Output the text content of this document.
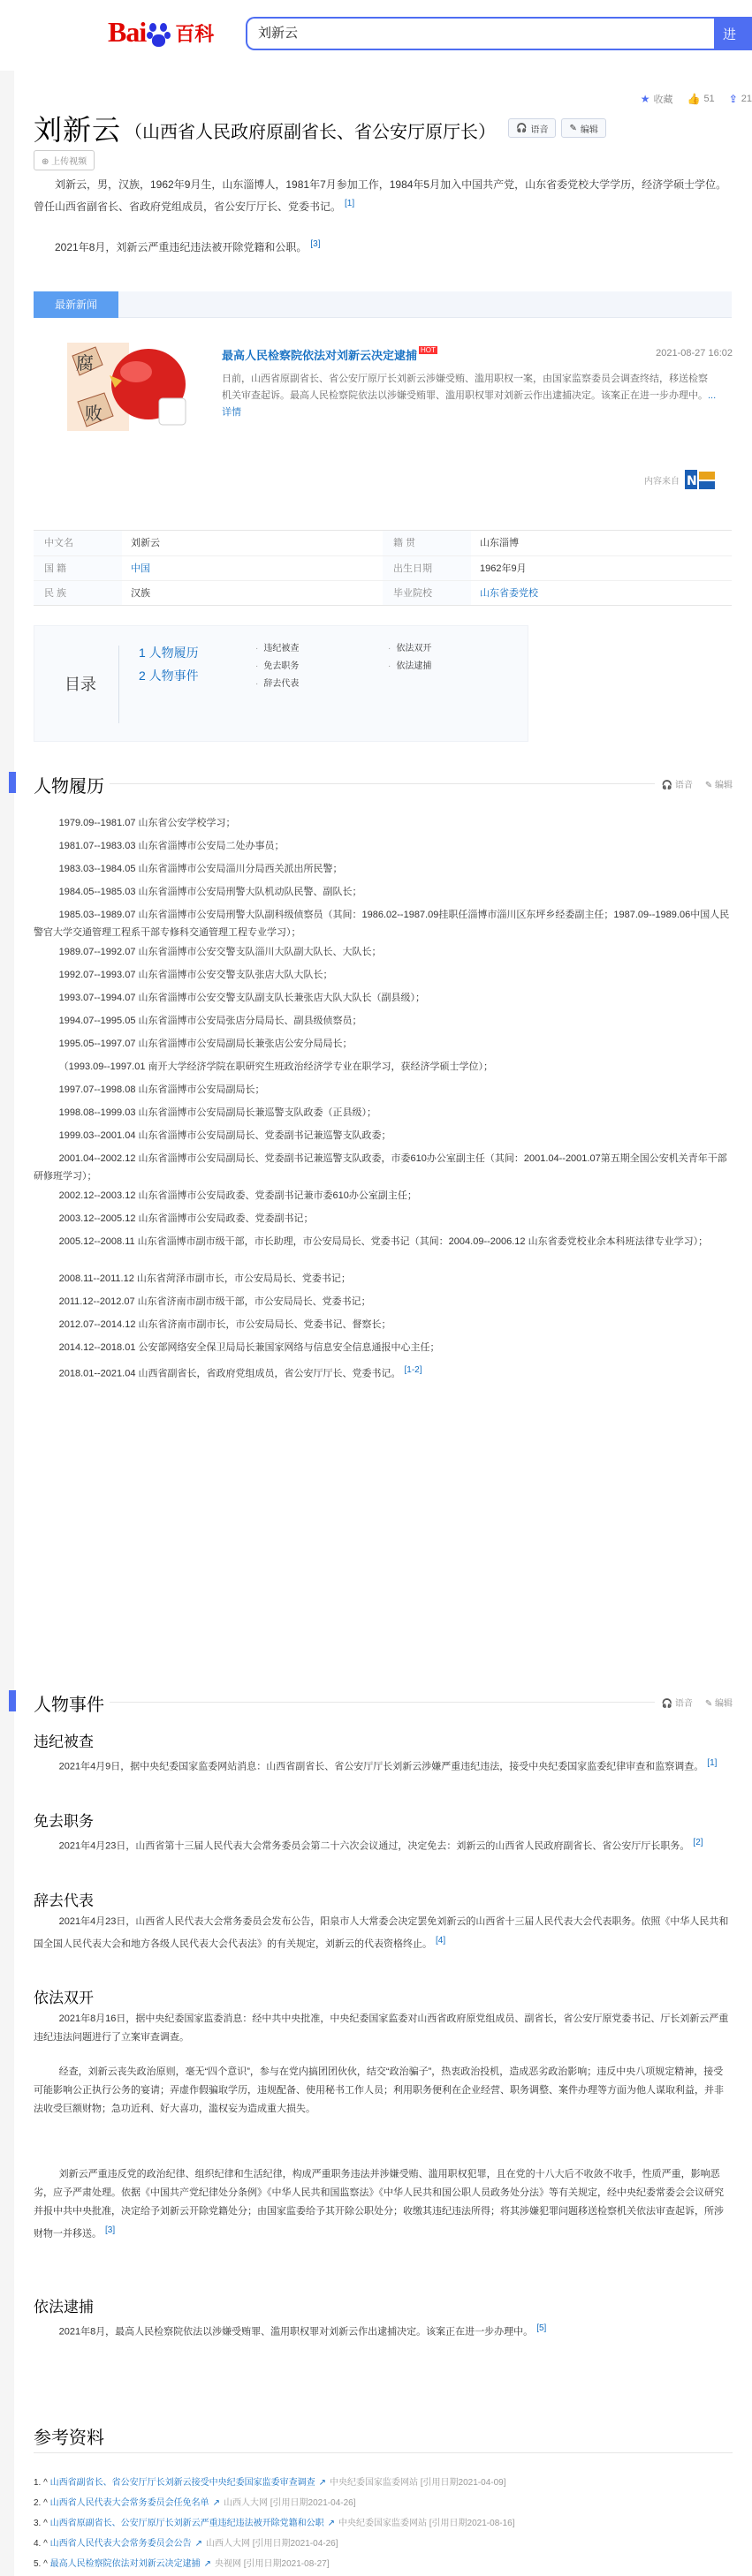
Bai 百科	刘新云	进
★ 收藏 👍 51 ⇪ 21
刘新云 （山西省人民政府原副省长、省公安厅原厅长） 🎧 语音 ✎ 编辑
⊕ 上传视频
刘新云，男，汉族，1962年9月生，山东淄博人，1981年7月参加工作，1984年5月加入中国共产党，山东省委党校大学学历，经济学硕士学位。曾任山西省副省长、省政府党组成员，省公安厅厅长、党委书记。 [1]
2021年8月，刘新云严重违纪违法被开除党籍和公职。 [3]
最新新闻
腐
败
最高人民检察院依法对刘新云决定逮捕 HOT	2021-08-27 16:02
日前，山西省原副省长、省公安厅原厅长刘新云涉嫌受贿、滥用职权一案，由国家监察委员会调查终结，移送检察机关审查起诉。最高人民检察院依法以涉嫌受贿罪、滥用职权罪对刘新云作出逮捕决定。该案正在进一步办理中。...详情
内容来自 N
中文名	刘新云	籍 贯	山东淄博
国 籍	中国	出生日期	1962年9月
民 族	汉族	毕业院校	山东省委党校
目录
1 人物履历
2 人物事件
· 违纪被查
· 免去职务
· 辞去代表
· 依法双开
· 依法逮捕
人物履历	🎧 语音 ✎ 编辑
1979.09--1981.07 山东省公安学校学习；
1981.07--1983.03 山东省淄博市公安局二处办事员；
1983.03--1984.05 山东省淄博市公安局淄川分局西关派出所民警；
1984.05--1985.03 山东省淄博市公安局刑警大队机动队民警、副队长；
1985.03--1989.07 山东省淄博市公安局刑警大队副科级侦察员（其间：1986.02--1987.09挂职任淄博市淄川区东坪乡经委副主任；1987.09--1989.06中国人民警官大学交通管理工程系干部专修科交通管理工程专业学习）；
1989.07--1992.07 山东省淄博市公安交警支队淄川大队副大队长、大队长；
1992.07--1993.07 山东省淄博市公安交警支队张店大队大队长；
1993.07--1994.07 山东省淄博市公安交警支队副支队长兼张店大队大队长（副县级）；
1994.07--1995.05 山东省淄博市公安局张店分局局长、副县级侦察员；
1995.05--1997.07 山东省淄博市公安局副局长兼张店公安分局局长；
（1993.09--1997.01 南开大学经济学院在职研究生班政治经济学专业在职学习，获经济学硕士学位）；
1997.07--1998.08 山东省淄博市公安局副局长；
1998.08--1999.03 山东省淄博市公安局副局长兼巡警支队政委（正县级）；
1999.03--2001.04 山东省淄博市公安局副局长、党委副书记兼巡警支队政委；
2001.04--2002.12 山东省淄博市公安局副局长、党委副书记兼巡警支队政委，市委610办公室副主任（其间：2001.04--2001.07第五期全国公安机关青年干部研修班学习）；
2002.12--2003.12 山东省淄博市公安局政委、党委副书记兼市委610办公室副主任；
2003.12--2005.12 山东省淄博市公安局政委、党委副书记；
2005.12--2008.11 山东省淄博市副市级干部，市长助理，市公安局局长、党委书记（其间：2004.09--2006.12 山东省委党校业余本科班法律专业学习）；
2008.11--2011.12 山东省菏泽市副市长，市公安局局长、党委书记；
2011.12--2012.07 山东省济南市副市级干部，市公安局局长、党委书记；
2012.07--2014.12 山东省济南市副市长，市公安局局长、党委书记、督察长；
2014.12--2018.01 公安部网络安全保卫局局长兼国家网络与信息安全信息通报中心主任；
2018.01--2021.04 山西省副省长，省政府党组成员，省公安厅厅长、党委书记。 [1-2]
人物事件	🎧 语音 ✎ 编辑
违纪被查
2021年4月9日，据中央纪委国家监委网站消息：山西省副省长、省公安厅厅长刘新云涉嫌严重违纪违法，接受中央纪委国家监委纪律审查和监察调查。 [1]
免去职务
2021年4月23日，山西省第十三届人民代表大会常务委员会第二十六次会议通过，决定免去：刘新云的山西省人民政府副省长、省公安厅厅长职务。 [2]
辞去代表
2021年4月23日，山西省人民代表大会常务委员会发布公告，阳泉市人大常委会决定罢免刘新云的山西省十三届人民代表大会代表职务。依照《中华人民共和国全国人民代表大会和地方各级人民代表大会代表法》的有关规定，刘新云的代表资格终止。 [4]
依法双开
2021年8月16日，据中央纪委国家监委消息：经中共中央批准，中央纪委国家监委对山西省政府原党组成员、副省长，省公安厅原党委书记、厅长刘新云严重违纪违法问题进行了立案审查调查。
经查，刘新云丧失政治原则，毫无“四个意识”，参与在党内搞团团伙伙，结交“政治骗子”，热衷政治投机，造成恶劣政治影响；违反中央八项规定精神，接受可能影响公正执行公务的宴请；弄虚作假骗取学历，违规配备、使用秘书工作人员；利用职务便利在企业经营、职务调整、案件办理等方面为他人谋取利益，并非法收受巨额财物；急功近利、好大喜功，滥权妄为造成重大损失。
刘新云严重违反党的政治纪律、组织纪律和生活纪律，构成严重职务违法并涉嫌受贿、滥用职权犯罪，且在党的十八大后不收敛不收手，性质严重，影响恶劣，应予严肃处理。依据《中国共产党纪律处分条例》《中华人民共和国监察法》《中华人民共和国公职人员政务处分法》等有关规定，经中央纪委常委会会议研究并报中共中央批准，决定给予刘新云开除党籍处分；由国家监委给予其开除公职处分；收缴其违纪违法所得；将其涉嫌犯罪问题移送检察机关依法审查起诉，所涉财物一并移送。 [3]
依法逮捕
2021年8月，最高人民检察院依法以涉嫌受贿罪、滥用职权罪对刘新云作出逮捕决定。该案正在进一步办理中。 [5]
参考资料
1. ^ 山西省副省长、省公安厅厅长刘新云接受中央纪委国家监委审查调查 ↗ 中央纪委国家监委网站 [引用日期2021-04-09]
2. ^ 山西省人民代表大会常务委员会任免名单 ↗ 山西人大网 [引用日期2021-04-26]
3. ^ 山西省原副省长、公安厅原厅长刘新云严重违纪违法被开除党籍和公职 ↗ 中央纪委国家监委网站 [引用日期2021-08-16]
4. ^ 山西省人民代表大会常务委员会公告 ↗ 山西人大网 [引用日期2021-04-26]
5. ^ 最高人民检察院依法对刘新云决定逮捕 ↗ 央视网 [引用日期2021-08-27]
